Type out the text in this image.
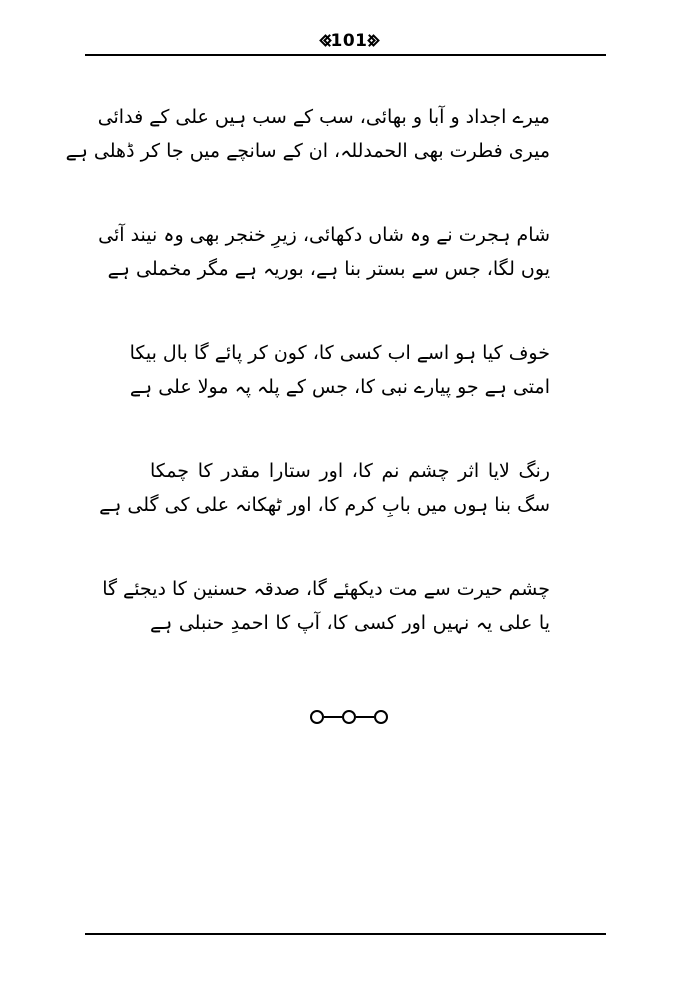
101
میرے اجداد و آبا و بھائی، سب کے سب ہیں علی کے فدائی
میری فطرت بھی الحمدللہ، ان کے سانچے میں جا کر ڈھلی ہے
شام ہجرت نے وہ شاں دکھائی، زیرِ خنجر بھی وہ نیند آئی
یوں لگا، جس سے بستر بنا ہے، بوریہ ہے مگر مخملی ہے
خوف کیا ہو اسے اب کسی کا، کون کر پائے گا بال بیکا
امتی ہے جو پیارے نبی کا، جس کے پلہ پہ مولا علی ہے
رنگ لایا اثر چشم نم کا، اور ستارا مقدر کا چمکا
سگ بنا ہوں میں بابِ کرم کا، اور ٹھکانہ علی کی گلی ہے
چشم حیرت سے مت دیکھئے گا، صدقہ حسنین کا دیجئے گا
یا علی یہ نہیں اور کسی کا، آپ کا احمدِ حنبلی ہے
